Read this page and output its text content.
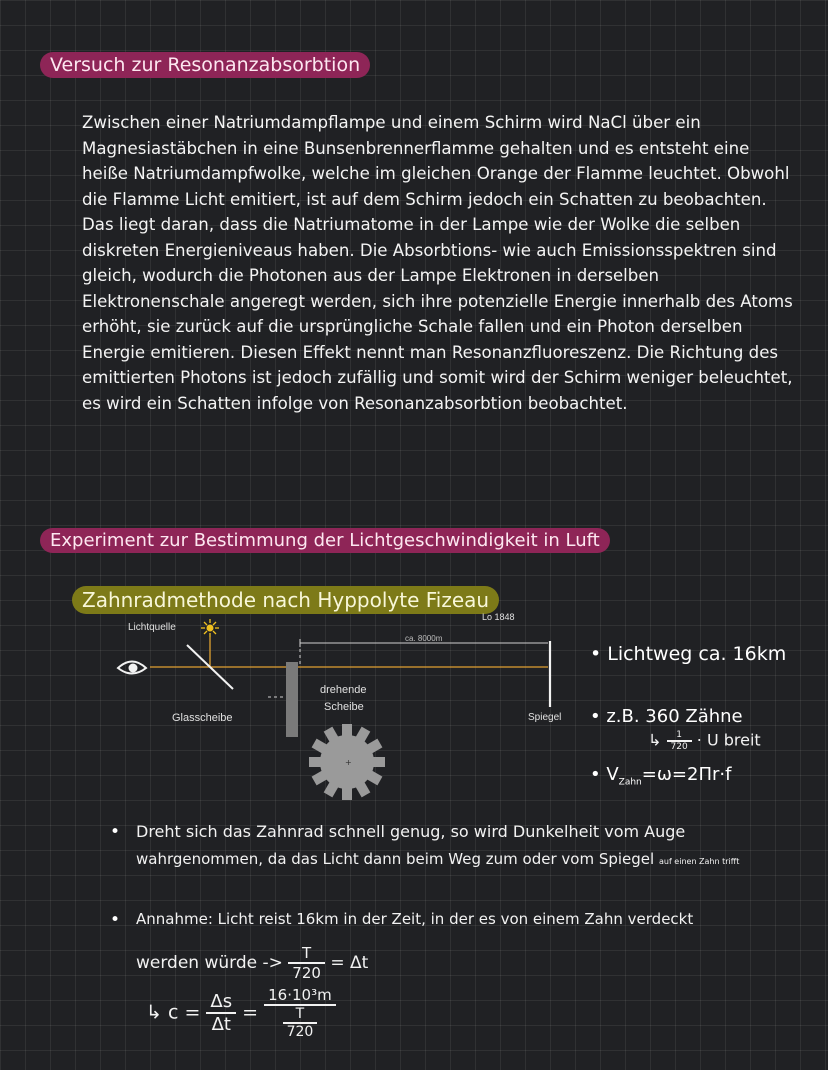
Versuch zur Resonanzabsorbtion
Zwischen einer Natriumdampflampe und einem Schirm wird NaCl über ein Magnesiastäbchen in eine Bunsenbrennerflamme gehalten und es entsteht eine heiße Natriumdampfwolke, welche im gleichen Orange der Flamme leuchtet. Obwohl die Flamme Licht emitiert, ist auf dem Schirm jedoch ein Schatten zu beobachten. Das liegt daran, dass die Natriumatome in der Lampe wie der Wolke die selben diskreten Energieniveaus haben. Die Absorbtions- wie auch Emissionsspektren sind gleich, wodurch die Photonen aus der Lampe Elektronen in derselben Elektronenschale angeregt werden, sich ihre potenzielle Energie innerhalb des Atoms erhöht, sie zurück auf die ursprüngliche Schale fallen und ein Photon derselben Energie emitieren. Diesen Effekt nennt man Resonanzfluoreszenz. Die Richtung des emittierten Photons ist jedoch zufällig und somit wird der Schirm weniger beleuchtet, es wird ein Schatten infolge von Resonanzabsorbtion beobachtet.
Experiment zur Bestimmung der Lichtgeschwindigkeit in Luft
Zahnradmethode nach Hyppolyte Fizeau
Lo 1848
+
Lichtquelle
Glasscheibe
drehende
Scheibe
Spiegel
ca. 8000m
• Lichtweg ca. 16km
• z.B. 360 Zähne
↳ $\frac{1}{720} \cdot U$ breit
• $V_{Zahn}=\omega=2\Pi r\cdot f$
• Dreht sich das Zahnrad schnell genug, so wird Dunkelheit vom Auge
wahrgenommen, da das Licht dann beim Weg zum oder vom Spiegel auf einen Zahn trifft
• Annahme: Licht reist 16km in der Zeit, in der es von einem Zahn verdeckt
werden würde -> $\frac{T}{720} = \Delta t$
↳ $c = \frac{\Delta s}{\Delta t} = \frac{\text{16·10³m}}{\frac{T}{720}}$
